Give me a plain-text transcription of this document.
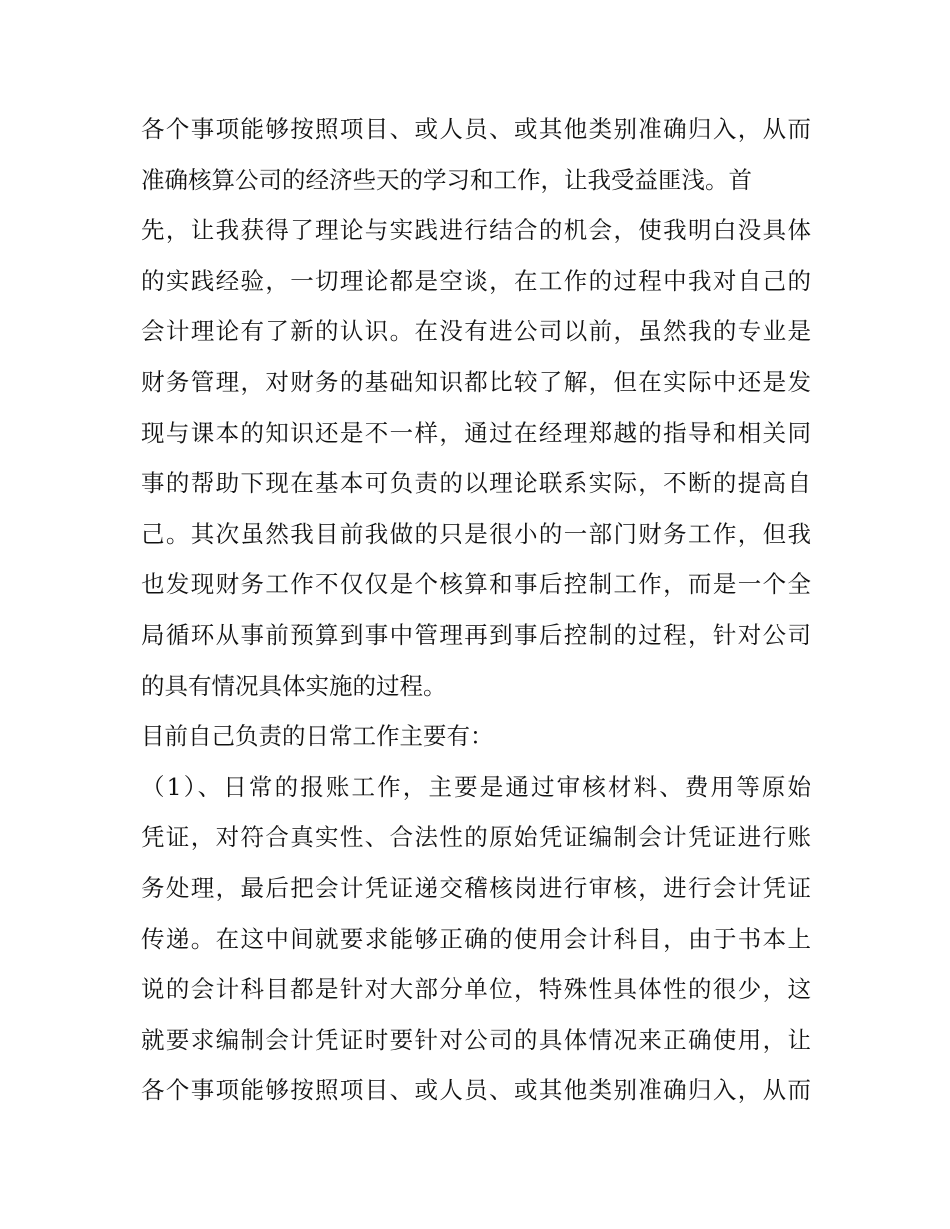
各个事项能够按照项目、或人员、或其他类别准确归入，从而
准确核算公司的经济些天的学习和工作，让我受益匪浅。首
先，让我获得了理论与实践进行结合的机会，使我明白没具体
的实践经验，一切理论都是空谈，在工作的过程中我对自己的
会计理论有了新的认识。在没有进公司以前，虽然我的专业是
财务管理，对财务的基础知识都比较了解，但在实际中还是发
现与课本的知识还是不一样，通过在经理郑越的指导和相关同
事的帮助下现在基本可负责的以理论联系实际，不断的提高自
己。其次虽然我目前我做的只是很小的一部门财务工作，但我
也发现财务工作不仅仅是个核算和事后控制工作，而是一个全
局循环从事前预算到事中管理再到事后控制的过程，针对公司
的具有情况具体实施的过程。
目前自己负责的日常工作主要有：
（1）、日常的报账工作，主要是通过审核材料、费用等原始
凭证，对符合真实性、合法性的原始凭证编制会计凭证进行账
务处理，最后把会计凭证递交稽核岗进行审核，进行会计凭证
传递。在这中间就要求能够正确的使用会计科目，由于书本上
说的会计科目都是针对大部分单位，特殊性具体性的很少，这
就要求编制会计凭证时要针对公司的具体情况来正确使用，让
各个事项能够按照项目、或人员、或其他类别准确归入，从而
